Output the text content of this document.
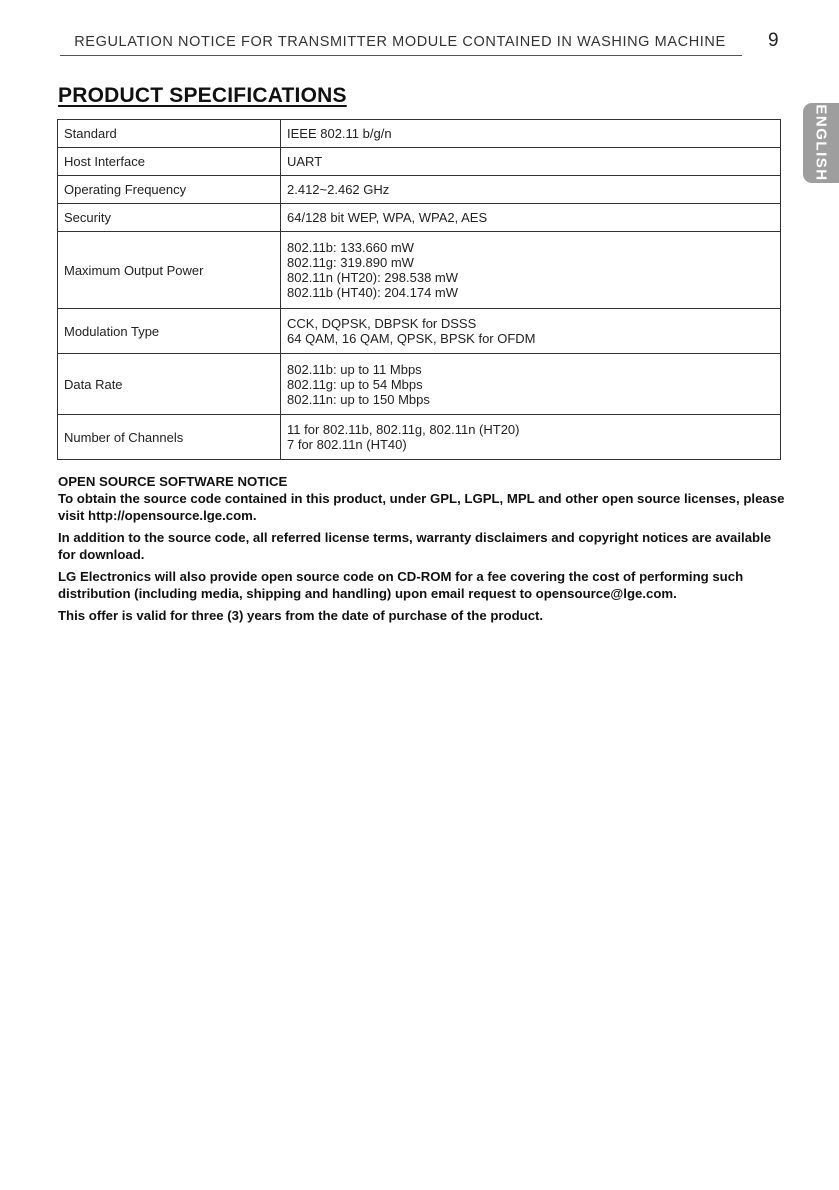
REGULATION NOTICE FOR TRANSMITTER MODULE CONTAINED IN WASHING MACHINE	9
ENGLISH
PRODUCT SPECIFICATIONS
Standard	IEEE 802.11 b/g/n

Host Interface	UART

Operating Frequency	2.412~2.462 GHz

Security	64/128 bit WEP, WPA, WPA2, AES

Maximum Output Power	802.11b: 133.660 mW
802.11g: 319.890 mW
802.11n (HT20): 298.538 mW
802.11b (HT40): 204.174 mW

Modulation Type	CCK, DQPSK, DBPSK for DSSS
64 QAM, 16 QAM, QPSK, BPSK for OFDM

Data Rate	802.11b: up to 11 Mbps
802.11g: up to 54 Mbps
802.11n: up to 150 Mbps

Number of Channels	11 for 802.11b, 802.11g, 802.11n (HT20)
7 for 802.11n (HT40)
OPEN SOURCE SOFTWARE NOTICE

To obtain the source code contained in this product, under GPL, LGPL, MPL and other open source licenses, please visit http://opensource.lge.com.

In addition to the source code, all referred license terms, warranty disclaimers and copyright notices are available for download.

LG Electronics will also provide open source code on CD-ROM for a fee covering the cost of performing such distribution (including media, shipping and handling) upon email request to opensource@lge.com.

This offer is valid for three (3) years from the date of purchase of the product.
